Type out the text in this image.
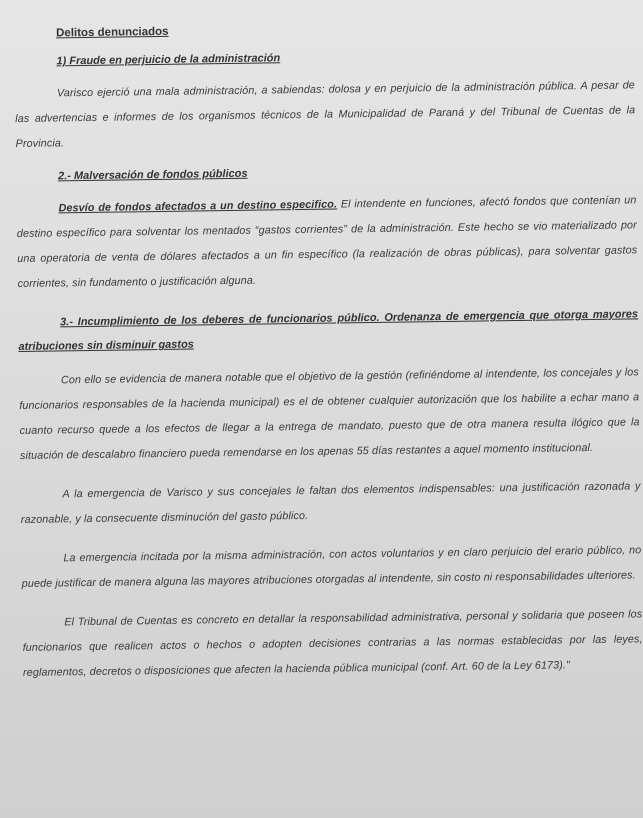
Delitos denunciados
1) Fraude en perjuicio de la administración

Varisco ejerció una mala administración, a sabiendas: dolosa y en perjuicio de la administración pública. A pesar de las advertencias e informes de los organismos técnicos de la Municipalidad de Paraná y del Tribunal de Cuentas de la Provincia.

2.- Malversación de fondos públicos

Desvío de fondos afectados a un destino especifico. El intendente en funciones, afectó fondos que contenían un destino específico para solventar los mentados “gastos corrientes” de la administración. Este hecho se vio materializado por una operatoria de venta de dólares afectados a un fin específico (la realización de obras públicas), para solventar gastos corrientes, sin fundamento o justificación alguna.

3.- Incumplimiento de los deberes de funcionarios público. Ordenanza de emergencia que otorga mayores atribuciones sin disminuir gastos

Con ello se evidencia de manera notable que el objetivo de la gestión (refiriéndome al intendente, los concejales y los funcionarios responsables de la hacienda municipal) es el de obtener cualquier autorización que los habilite a echar mano a cuanto recurso quede a los efectos de llegar a la entrega de mandato, puesto que de otra manera resulta ilógico que la situación de descalabro financiero pueda remendarse en los apenas 55 días restantes a aquel momento institucional.

A la emergencia de Varisco y sus concejales le faltan dos elementos indispensables: una justificación razonada y razonable, y la consecuente disminución del gasto público.

La emergencia incitada por la misma administración, con actos voluntarios y en claro perjuicio del erario público, no puede justificar de manera alguna las mayores atribuciones otorgadas al intendente, sin costo ni responsabilidades ulteriores.

El Tribunal de Cuentas es concreto en detallar la responsabilidad administrativa, personal y solidaria que poseen los funcionarios que realicen actos o hechos o adopten decisiones contrarias a las normas establecidas por las leyes, reglamentos, decretos o disposiciones que afecten la hacienda pública municipal (conf. Art. 60 de la Ley 6173)."
